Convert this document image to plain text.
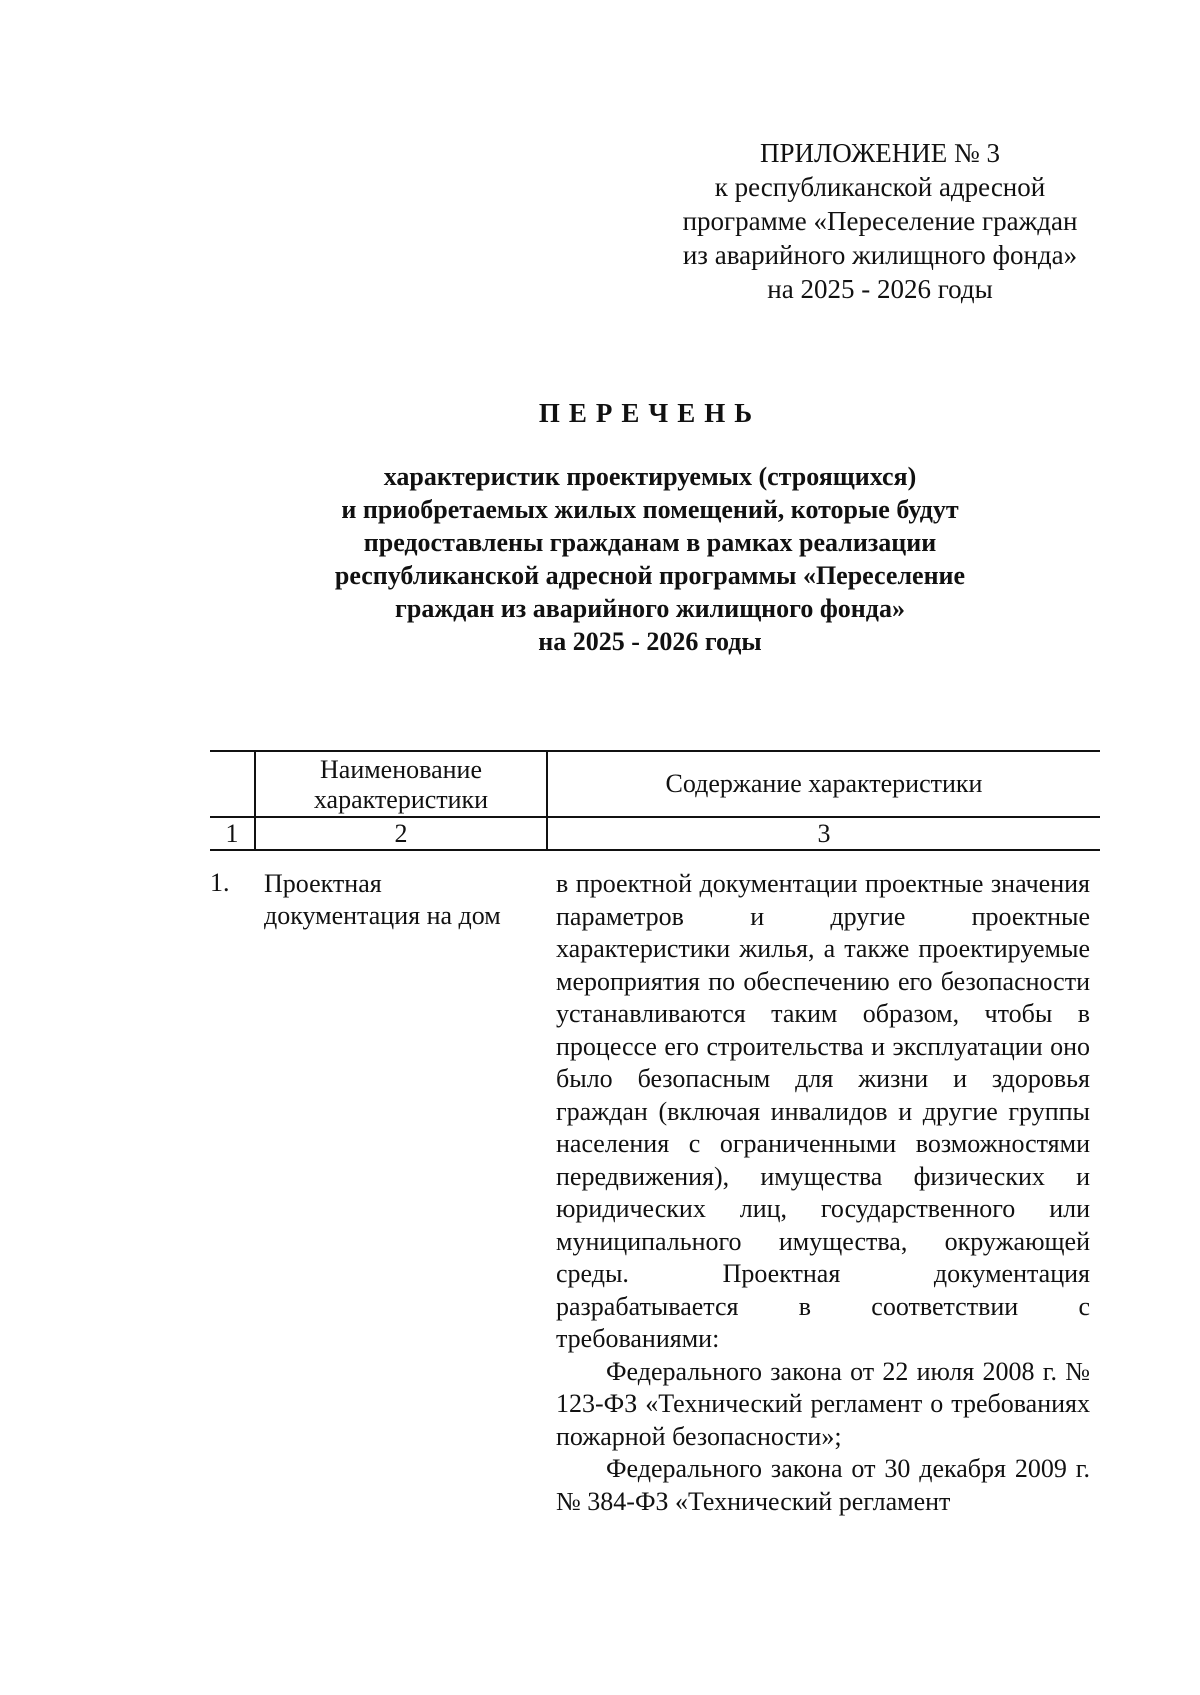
ПРИЛОЖЕНИЕ № 3
к республиканской адресной
программе «Переселение граждан
из аварийного жилищного фонда»
на 2025 - 2026 годы
ПЕРЕЧЕНЬ
характеристик проектируемых (строящихся)
и приобретаемых жилых помещений, которые будут
предоставлены гражданам в рамках реализации
республиканской адресной программы «Переселение
граждан из аварийного жилищного фонда»
на 2025 - 2026 годы
Наименование
характеристики
Содержание характеристики
1	2	3
1. Проектная
документация на дом

в проектной документации проектные значения параметров и другие проектные характеристики жилья, а также проектируемые мероприятия по обеспечению его безопасности устанавливаются таким образом, чтобы в процессе его строительства и эксплуатации оно было безопасным для жизни и здоровья граждан (включая инвалидов и другие группы населения с ограниченными возможностями передвижения), имущества физических и юридических лиц, государственного или муниципального имущества, окружающей среды. Проектная документация разрабатывается в соответствии с требованиями:

Федерального закона от 22 июля 2008 г. № 123-ФЗ «Технический регламент о требованиях пожарной безопасности»;

Федерального закона от 30 декабря 2009 г. № 384-ФЗ «Технический регламент
